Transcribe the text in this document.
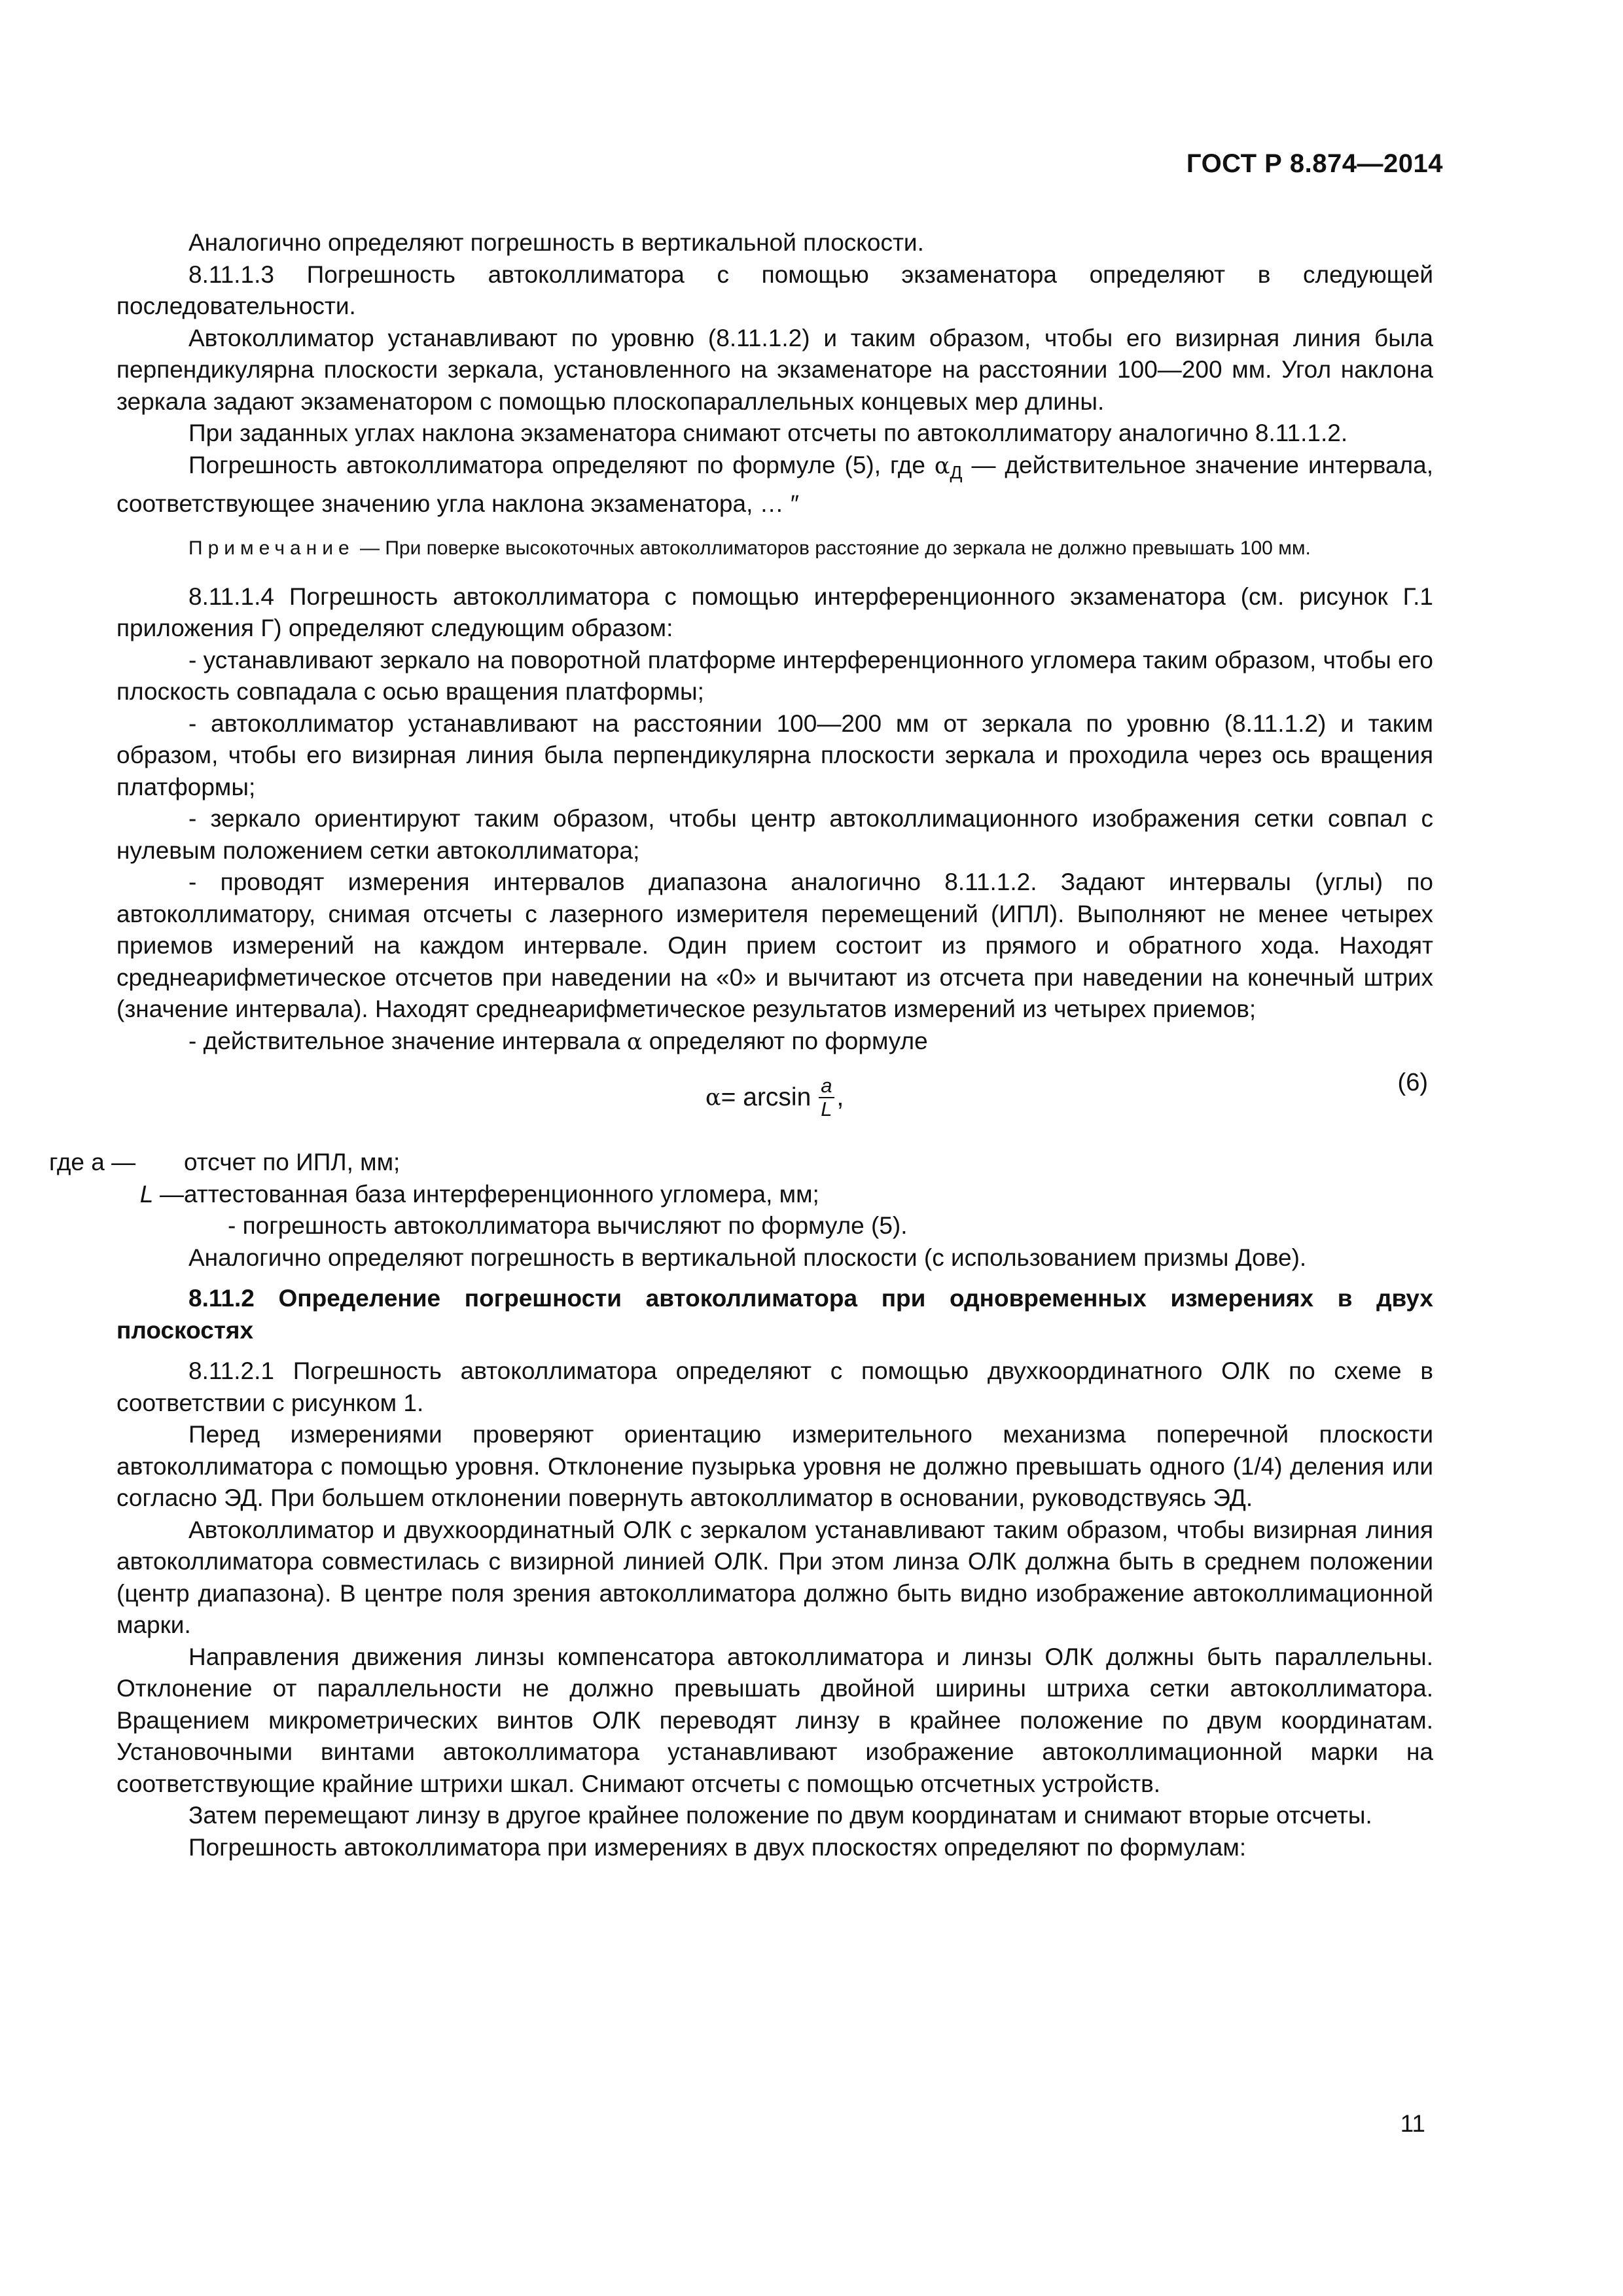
ГОСТ Р 8.874—2014

Аналогично определяют погрешность в вертикальной плоскости.

8.11.1.3 Погрешность автоколлиматора с помощью экзаменатора определяют в следующей последовательности.

Автоколлиматор устанавливают по уровню (8.11.1.2) и таким образом, чтобы его визирная линия была перпендикулярна плоскости зеркала, установленного на экзаменаторе на расстоянии 100—200 мм. Угол наклона зеркала задают экзаменатором с помощью плоскопараллельных концевых мер длины.

При заданных углах наклона экзаменатора снимают отсчеты по автоколлиматору аналогично 8.11.1.2.

Погрешность автоколлиматора определяют по формуле (5), где $\alpha_Д$ — действительное значение интервала, соответствующее значению угла наклона экзаменатора, … ″

Примечание — При поверке высокоточных автоколлиматоров расстояние до зеркала не должно превышать 100 мм.

8.11.1.4 Погрешность автоколлиматора с помощью интерференционного экзаменатора (см. рисунок Г.1 приложения Г) определяют следующим образом:

- устанавливают зеркало на поворотной платформе интерференционного угломера таким образом, чтобы его плоскость совпадала с осью вращения платформы;

- автоколлиматор устанавливают на расстоянии 100—200 мм от зеркала по уровню (8.11.1.2) и таким образом, чтобы его визирная линия была перпендикулярна плоскости зеркала и проходила через ось вращения платформы;

- зеркало ориентируют таким образом, чтобы центр автоколлимационного изображения сетки совпал с нулевым положением сетки автоколлиматора;

- проводят измерения интервалов диапазона аналогично 8.11.1.2. Задают интервалы (углы) по автоколлиматору, снимая отсчеты с лазерного измерителя перемещений (ИПЛ). Выполняют не менее четырех приемов измерений на каждом интервале. Один прием состоит из прямого и обратного хода. Находят среднеарифметическое отсчетов при наведении на «0» и вычитают из отсчета при наведении на конечный штрих (значение интервала). Находят среднеарифметическое результатов измерений из четырех приемов;

- действительное значение интервала α определяют по формуле

$\alpha = \arcsin \frac{a}{L}$ ,
(6)
где a —	отсчет по ИПЛ, мм;
L — аттестованная база интерференционного угломера, мм;

- погрешность автоколлиматора вычисляют по формуле (5).

Аналогично определяют погрешность в вертикальной плоскости (с использованием призмы Дове).

8.11.2 Определение погрешности автоколлиматора при одновременных измерениях в двух плоскостях

8.11.2.1 Погрешность автоколлиматора определяют с помощью двухкоординатного ОЛК по схеме в соответствии с рисунком 1.

Перед измерениями проверяют ориентацию измерительного механизма поперечной плоскости автоколлиматора с помощью уровня. Отклонение пузырька уровня не должно превышать одного (1/4) деления или согласно ЭД. При большем отклонении повернуть автоколлиматор в основании, руководствуясь ЭД.

Автоколлиматор и двухкоординатный ОЛК с зеркалом устанавливают таким образом, чтобы визирная линия автоколлиматора совместилась с визирной линией ОЛК. При этом линза ОЛК должна быть в среднем положении (центр диапазона). В центре поля зрения автоколлиматора должно быть видно изображение автоколлимационной марки.

Направления движения линзы компенсатора автоколлиматора и линзы ОЛК должны быть параллельны. Отклонение от параллельности не должно превышать двойной ширины штриха сетки автоколлиматора. Вращением микрометрических винтов ОЛК переводят линзу в крайнее положение по двум координатам. Установочными винтами автоколлиматора устанавливают изображение автоколлимационной марки на соответствующие крайние штрихи шкал. Снимают отсчеты с помощью отсчетных устройств.

Затем перемещают линзу в другое крайнее положение по двум координатам и снимают вторые отсчеты.

Погрешность автоколлиматора при измерениях в двух плоскостях определяют по формулам:

11
